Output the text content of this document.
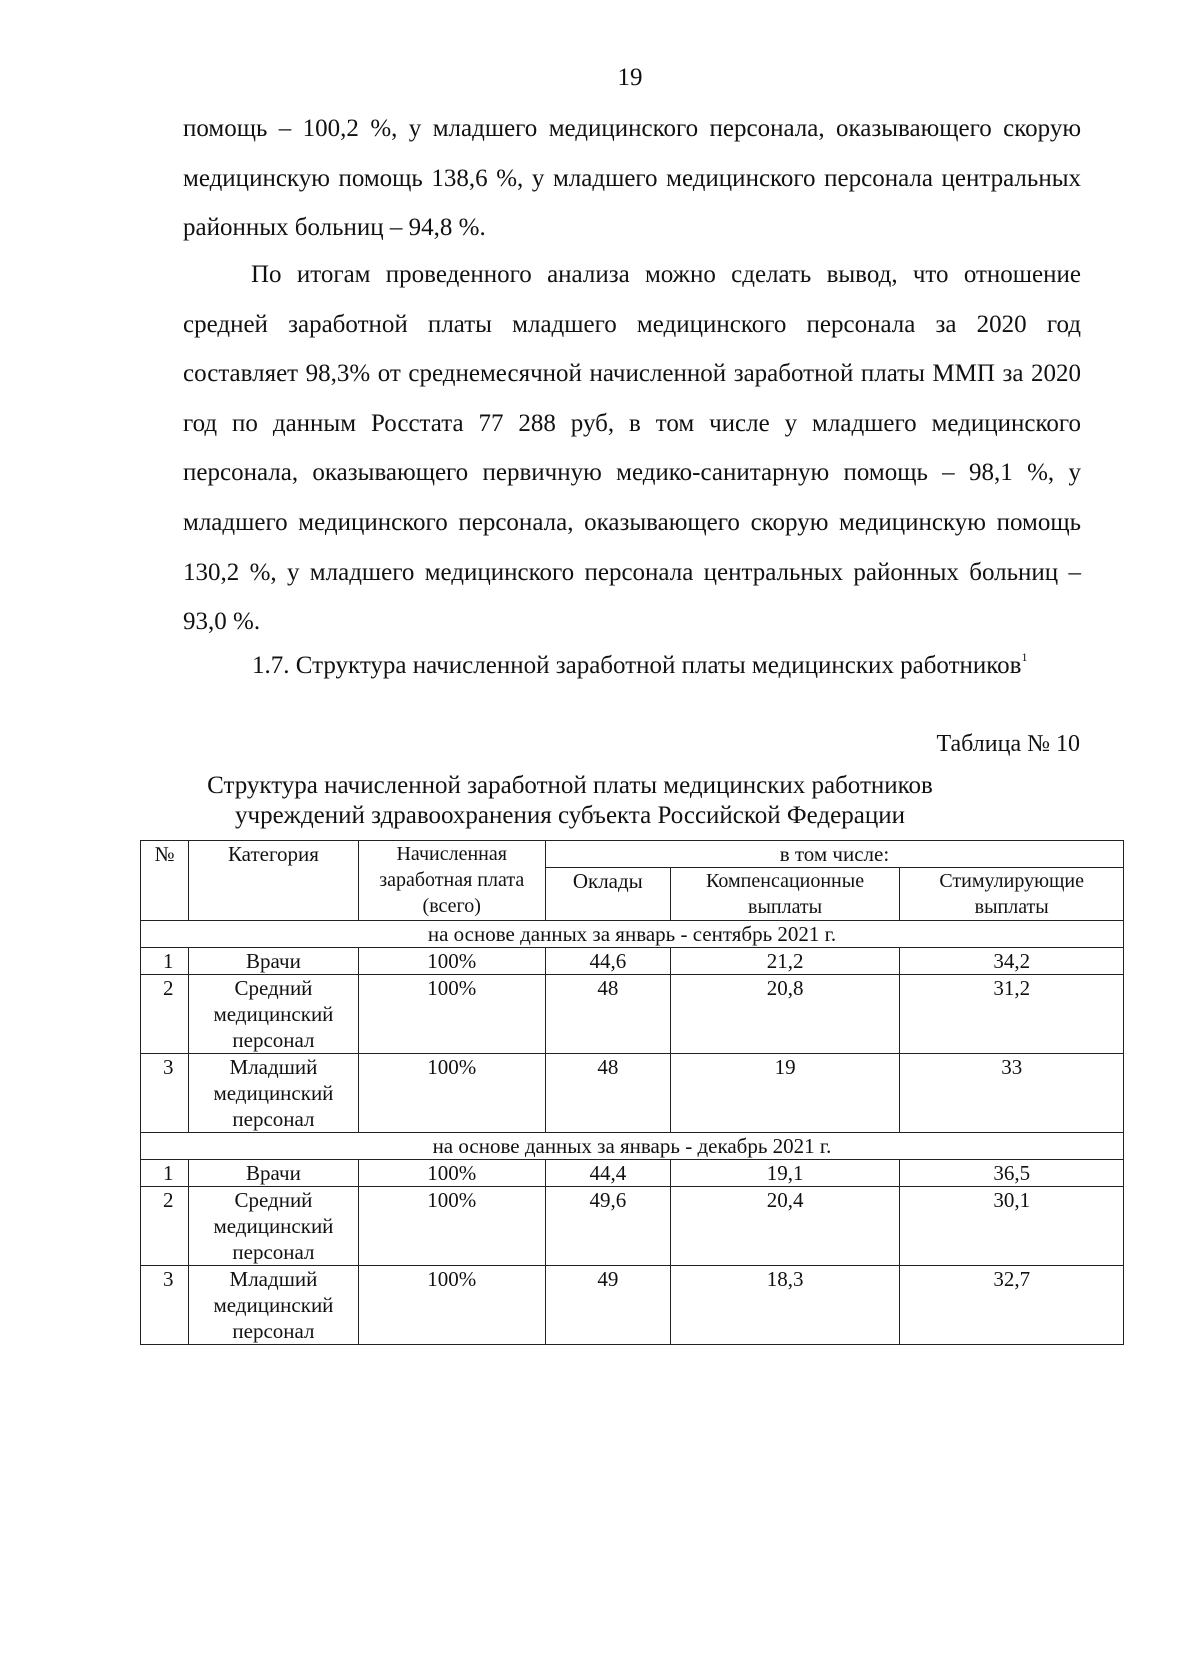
19

помощь – 100,2 %, у младшего медицинского персонала, оказывающего скорую медицинскую помощь 138,6 %, у младшего медицинского персонала центральных районных больниц – 94,8 %.

По итогам проведенного анализа можно сделать вывод, что отношение средней заработной платы младшего медицинского персонала за 2020 год составляет 98,3% от среднемесячной начисленной заработной платы ММП за 2020 год по данным Росстата 77 288 руб, в том числе у младшего медицинского персонала, оказывающего первичную медико-санитарную помощь – 98,1 %, у младшего медицинского персонала, оказывающего скорую медицинскую помощь 130,2 %, у младшего медицинского персонала центральных районных больниц – 93,0 %.

1.7. Структура начисленной заработной платы медицинских работников$^1$

Таблица № 10

Структура начисленной заработной платы медицинских работников
учреждений здравоохранения субъекта Российской Федерации
№	Категория	Начисленная заработная плата (всего)	в том числе:		
			Оклады	Компенсационные выплаты	Стимулирующие выплаты
на основе данных за январь - сентябрь 2021 г.					
1	Врачи	100%	44,6	21,2	34,2
2	Средний медицинский персонал	100%	48	20,8	31,2
3	Младший медицинский персонал	100%	48	19	33
на основе данных за январь - декабрь 2021 г.					
1	Врачи	100%	44,4	19,1	36,5
2	Средний медицинский персонал	100%	49,6	20,4	30,1
3	Младший медицинский персонал	100%	49	18,3	32,7
